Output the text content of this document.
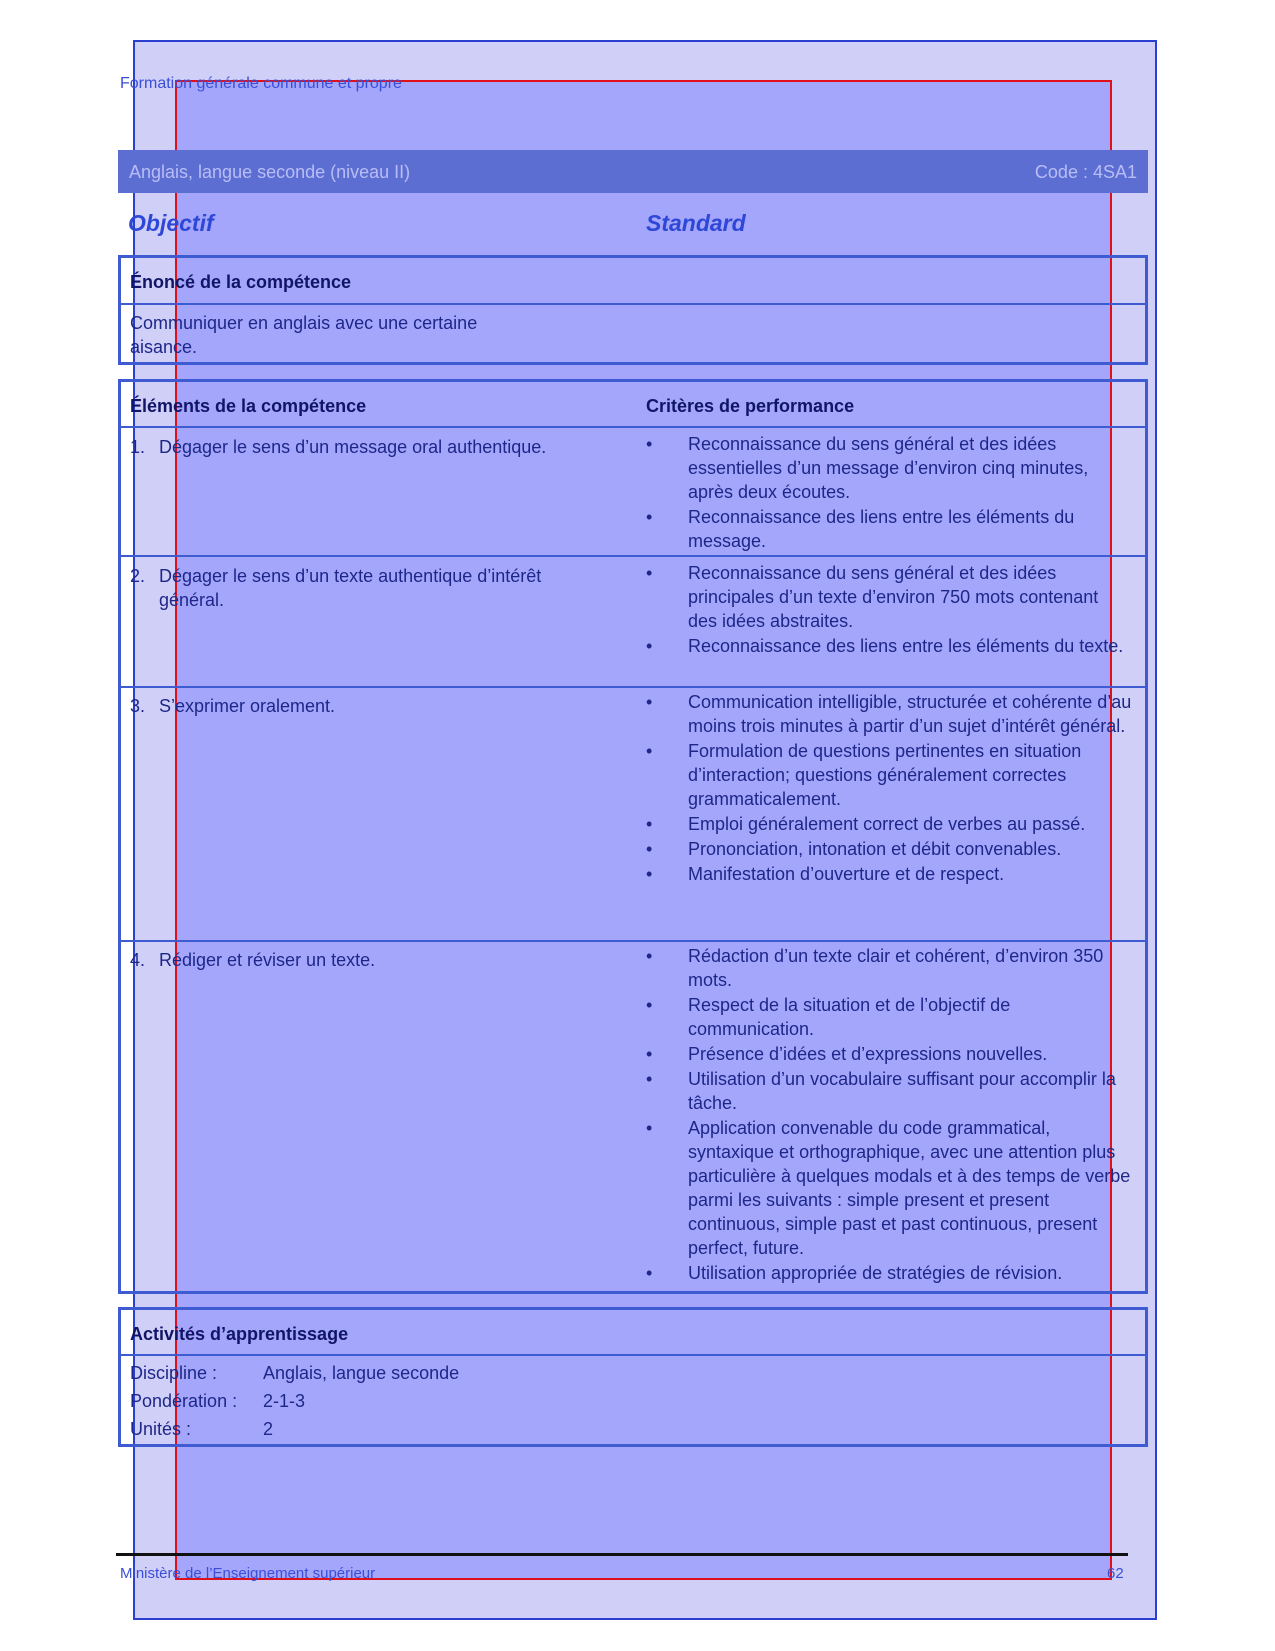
Formation générale commune et propre
Anglais, langue seconde (niveau II)	Code : 4SA1
Objectif	Standard
Énoncé de la compétence
Communiquer en anglais avec une certaine aisance.
Éléments de la compétence	Critères de performance
1. Dégager le sens d’un message oral authentique.	• Reconnaissance du sens général et des idées essentielles d’un message d’environ cinq minutes, après deux écoutes.
• Reconnaissance des liens entre les éléments du message.
2. Dégager le sens d’un texte authentique d’intérêt général.
• Reconnaissance du sens général et des idées principales d’un texte d’environ 750 mots contenant des idées abstraites.
• Reconnaissance des liens entre les éléments du texte.
3. S’exprimer oralement.	• Communication intelligible, structurée et cohérente d’au moins trois minutes à partir d’un sujet d’intérêt général.
• Formulation de questions pertinentes en situation d’interaction; questions généralement correctes grammaticalement.
• Emploi généralement correct de verbes au passé.
• Prononciation, intonation et débit convenables.
• Manifestation d’ouverture et de respect.
4. Rédiger et réviser un texte.	• Rédaction d’un texte clair et cohérent, d’environ 350 mots.
• Respect de la situation et de l’objectif de communication.
• Présence d’idées et d’expressions nouvelles.
• Utilisation d’un vocabulaire suffisant pour accomplir la tâche.
• Application convenable du code grammatical, syntaxique et orthographique, avec une attention plus particulière à quelques modals et à des temps de verbe parmi les suivants : simple present et present continuous, simple past et past continuous, present perfect, future.
• Utilisation appropriée de stratégies de révision.
Activités d’apprentissage
Discipline :	Anglais, langue seconde
Pondération : 2-1-3
Unités :	2
Ministère de l’Enseignement supérieur	62
